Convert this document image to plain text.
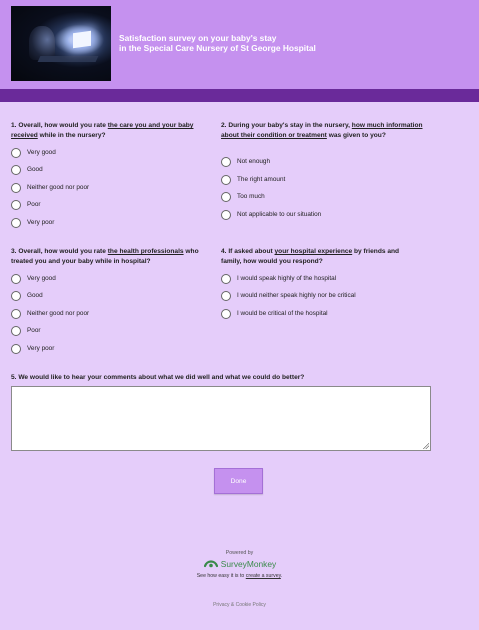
Satisfaction survey on your baby's stay
in the Special Care Nursery of St George Hospital
1. Overall, how would you rate the care you and your baby received while in the nursery?
Very good
Good
Neither good nor poor
Poor
Very poor
2. During your baby's stay in the nursery, how much information about their condition or treatment was given to you?
Not enough
The right amount
Too much
Not applicable to our situation
3. Overall, how would you rate the health professionals who treated you and your baby while in hospital?
Very good
Good
Neither good nor poor
Poor
Very poor
4. If asked about your hospital experience by friends and family, how would you respond?
I would speak highly of the hospital
I would neither speak highly nor be critical
I would be critical of the hospital
5. We would like to hear your comments about what we did well and what we could do better?
Done
Powered by
SurveyMonkey
See how easy it is to create a survey.
Privacy & Cookie Policy
